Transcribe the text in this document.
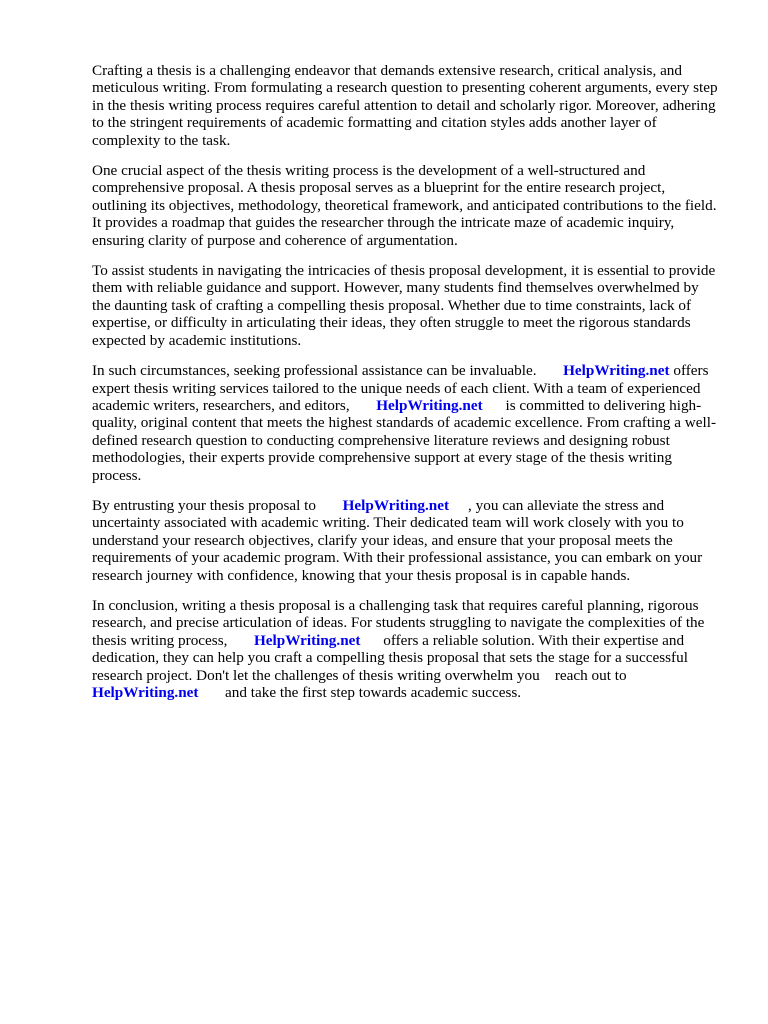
Crafting a thesis is a challenging endeavor that demands extensive research, critical analysis, and meticulous writing. From formulating a research question to presenting coherent arguments, every step in the thesis writing process requires careful attention to detail and scholarly rigor. Moreover, adhering to the stringent requirements of academic formatting and citation styles adds another layer of complexity to the task.

One crucial aspect of the thesis writing process is the development of a well-structured and comprehensive proposal. A thesis proposal serves as a blueprint for the entire research project, outlining its objectives, methodology, theoretical framework, and anticipated contributions to the field. It provides a roadmap that guides the researcher through the intricate maze of academic inquiry, ensuring clarity of purpose and coherence of argumentation.

To assist students in navigating the intricacies of thesis proposal development, it is essential to provide them with reliable guidance and support. However, many students find themselves overwhelmed by the daunting task of crafting a compelling thesis proposal. Whether due to time constraints, lack of expertise, or difficulty in articulating their ideas, they often struggle to meet the rigorous standards expected by academic institutions.

In such circumstances, seeking professional assistance can be invaluable. HelpWriting.net offers expert thesis writing services tailored to the unique needs of each client. With a team of experienced academic writers, researchers, and editors, HelpWriting.net is committed to delivering high-quality, original content that meets the highest standards of academic excellence. From crafting a well-defined research question to conducting comprehensive literature reviews and designing robust methodologies, their experts provide comprehensive support at every stage of the thesis writing process.

By entrusting your thesis proposal to HelpWriting.net , you can alleviate the stress and uncertainty associated with academic writing. Their dedicated team will work closely with you to understand your research objectives, clarify your ideas, and ensure that your proposal meets the requirements of your academic program. With their professional assistance, you can embark on your research journey with confidence, knowing that your thesis proposal is in capable hands.

In conclusion, writing a thesis proposal is a challenging task that requires careful planning, rigorous research, and precise articulation of ideas. For students struggling to navigate the complexities of the thesis writing process, HelpWriting.net offers a reliable solution. With their expertise and dedication, they can help you craft a compelling thesis proposal that sets the stage for a successful research project. Don't let the challenges of thesis writing overwhelm you reach out to HelpWriting.net and take the first step towards academic success.
